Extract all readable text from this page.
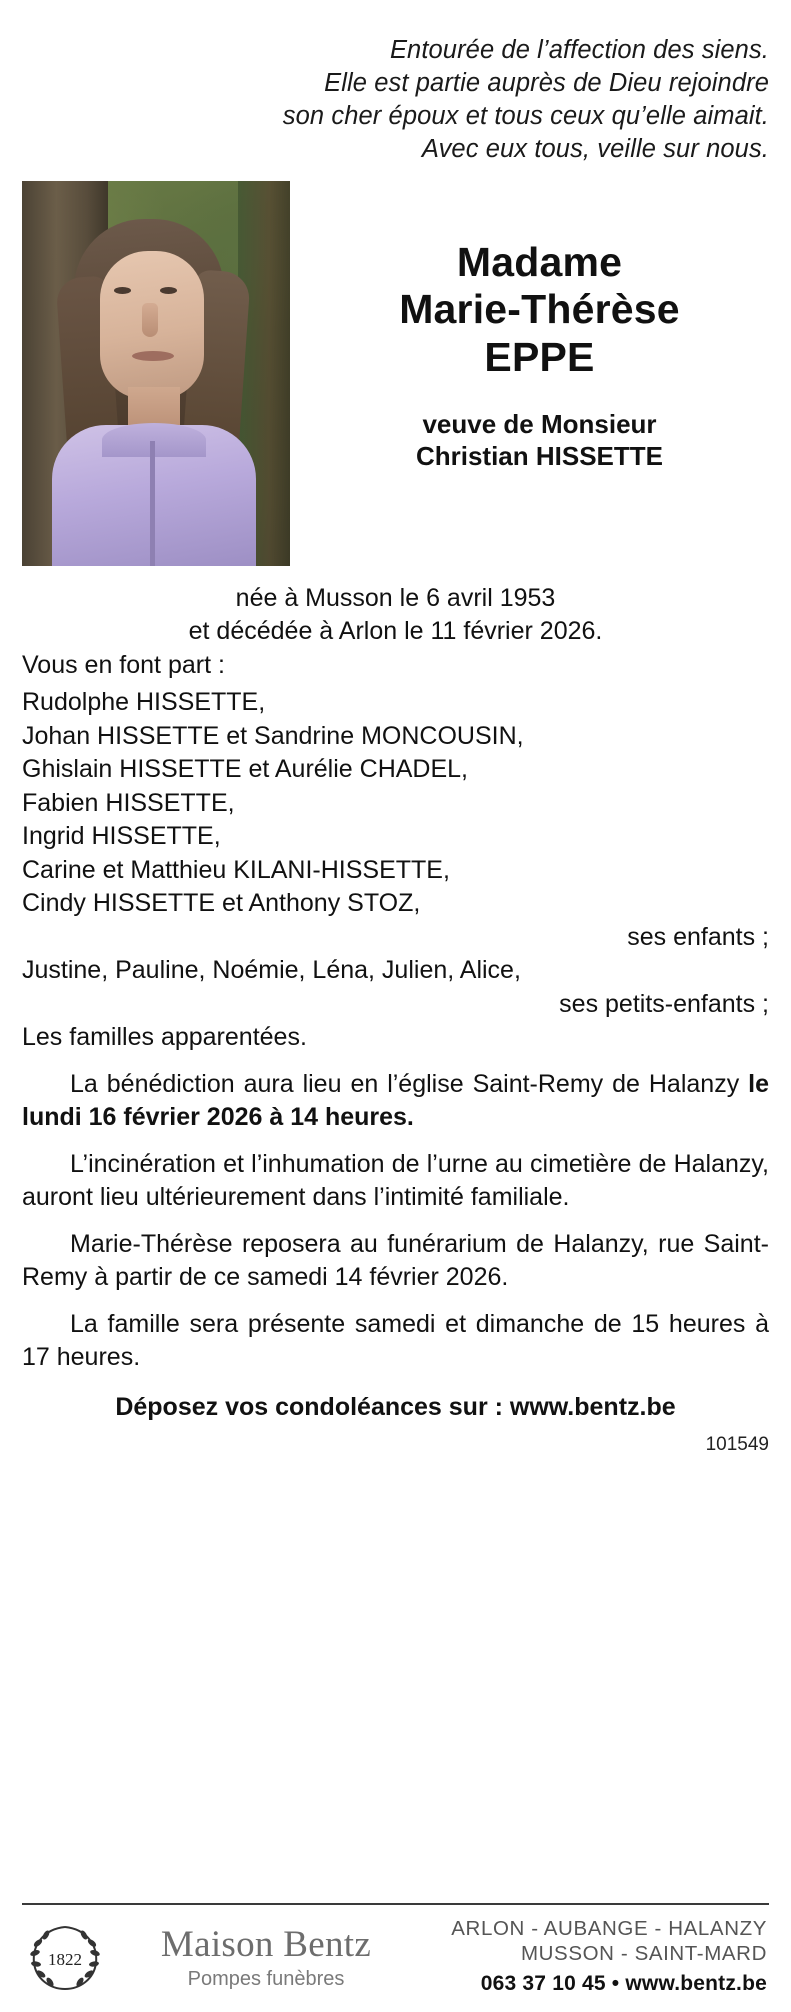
Entourée de l’affection des siens.
Elle est partie auprès de Dieu rejoindre
son cher époux et tous ceux qu’elle aimait.
Avec eux tous, veille sur nous.
Madame
Marie-Thérèse
EPPE
veuve de Monsieur
Christian HISSETTE
née à Musson le 6 avril 1953
et décédée à Arlon le 11 février 2026.
Vous en font part :
Rudolphe HISSETTE,
Johan HISSETTE et Sandrine MONCOUSIN,
Ghislain HISSETTE et Aurélie CHADEL,
Fabien HISSETTE,
Ingrid HISSETTE,
Carine et Matthieu KILANI-HISSETTE,
Cindy HISSETTE et Anthony STOZ,
ses enfants ;
Justine, Pauline, Noémie, Léna, Julien, Alice,
ses petits-enfants ;
Les familles apparentées.
La bénédiction aura lieu en l’église Saint-Remy de Halanzy le lundi 16 février 2026 à 14 heures.
L’incinération et l’inhumation de l’urne au cimetière de Halanzy, auront lieu ultérieurement dans l’intimité familiale.
Marie-Thérèse reposera au funérarium de Halanzy, rue Saint-Remy à partir de ce samedi 14 février 2026.
La famille sera présente samedi et dimanche de 15 heures à 17 heures.
Déposez vos condoléances sur : www.bentz.be
101549
1822	Maison Bentz
Pompes funèbres
ARLON - AUBANGE - HALANZY
MUSSON - SAINT-MARD
063 37 10 45 • www.bentz.be
